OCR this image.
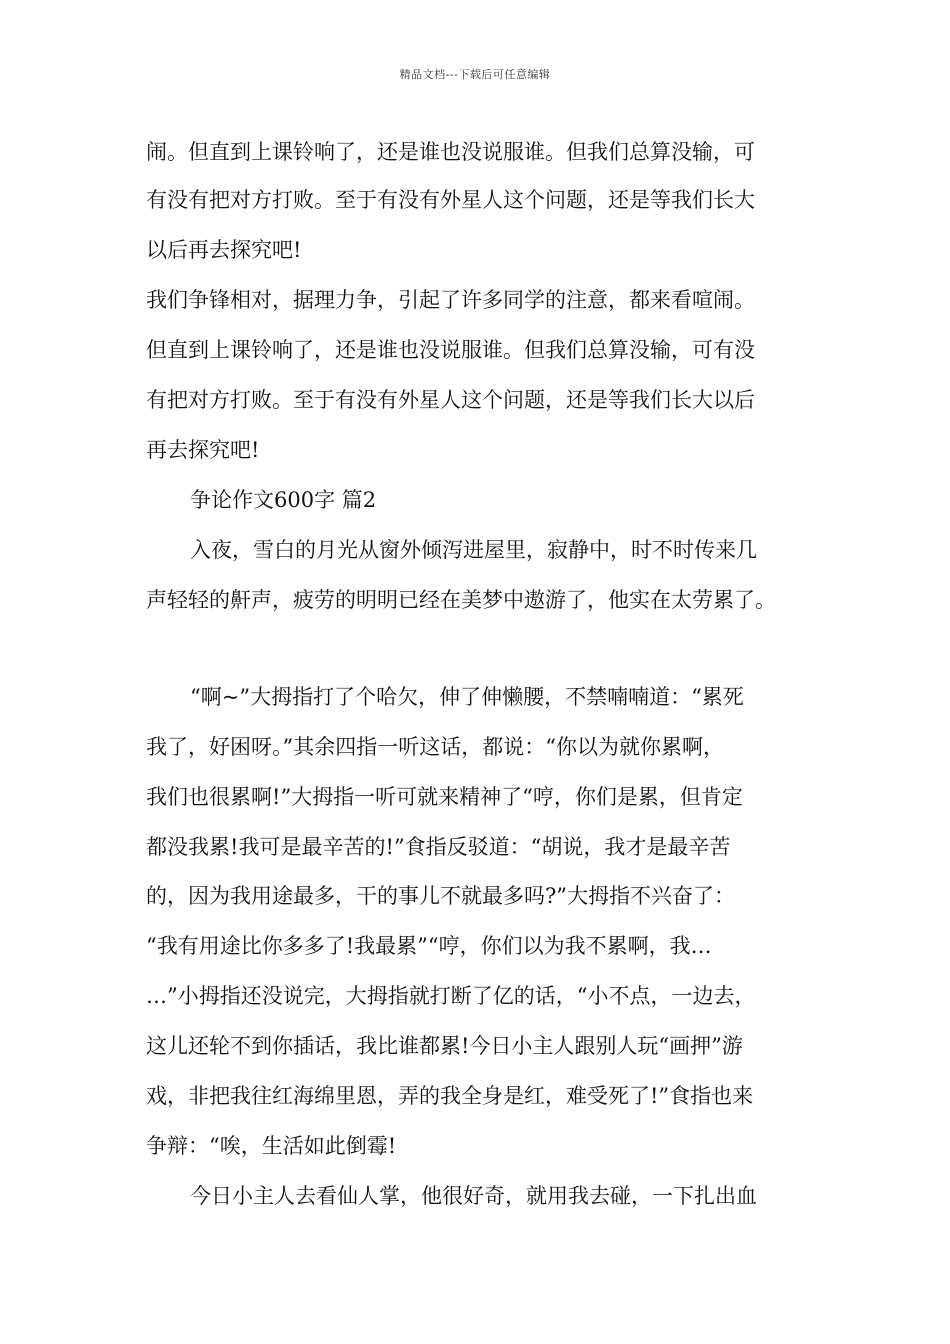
精品文档---下载后可任意编辑
闹。但直到上课铃响了，还是谁也没说服谁。但我们总算没输，可
有没有把对方打败。至于有没有外星人这个问题，还是等我们长大
以后再去探究吧!
我们争锋相对，据理力争，引起了许多同学的注意，都来看喧闹。
但直到上课铃响了，还是谁也没说服谁。但我们总算没输，可有没
有把对方打败。至于有没有外星人这个问题，还是等我们长大以后
再去探究吧!
争论作文600字 篇2
入夜，雪白的月光从窗外倾泻进屋里，寂静中，时不时传来几
声轻轻的鼾声，疲劳的明明已经在美梦中遨游了，他实在太劳累了。
“啊~”大拇指打了个哈欠，伸了伸懒腰，不禁喃喃道：“累死
我了，好困呀。”其余四指一听这话，都说：“你以为就你累啊，
我们也很累啊!”大拇指一听可就来精神了“哼，你们是累，但肯定
都没我累!我可是最辛苦的!”食指反驳道：“胡说，我才是最辛苦
的，因为我用途最多，干的事儿不就最多吗?”大拇指不兴奋了：
“我有用途比你多多了!我最累”“哼，你们以为我不累啊，我…
…”小拇指还没说完，大拇指就打断了亿的话，“小不点，一边去，
这儿还轮不到你插话，我比谁都累!今日小主人跟别人玩“画押”游
戏，非把我往红海绵里恩，弄的我全身是红，难受死了!”食指也来
争辩：“唉，生活如此倒霉!
今日小主人去看仙人掌，他很好奇，就用我去碰，一下扎出血
